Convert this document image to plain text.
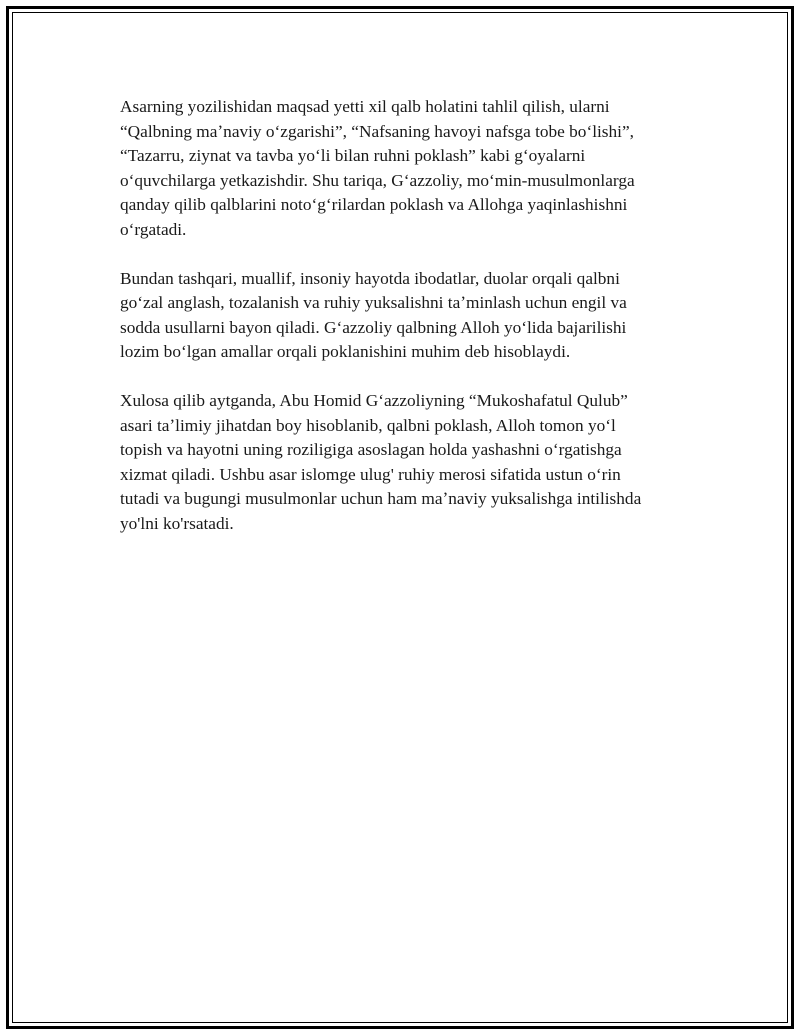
Asarning yozilishidan maqsad yetti xil qalb holatini tahlil qilish, ularni
“Qalbning maʼnaviy oʻzgarishi”, “Nafsaning havoyi nafsga tobe boʻlishi”,
“Tazarru, ziynat va tavba yoʻli bilan ruhni poklash” kabi gʻoyalarni
oʻquvchilarga yetkazishdir. Shu tariqa, Gʻazzoliy, moʻmin-musulmonlarga
qanday qilib qalblarini notoʻgʻrilardan poklash va Allohga yaqinlashishni
oʻrgatadi.

Bundan tashqari, muallif, insoniy hayotda ibodatlar, duolar orqali qalbni
goʻzal anglash, tozalanish va ruhiy yuksalishni taʼminlash uchun engil va
sodda usullarni bayon qiladi. Gʻazzoliy qalbning Alloh yoʻlida bajarilishi
lozim boʻlgan amallar orqali poklanishini muhim deb hisoblaydi.

Xulosa qilib aytganda, Abu Homid Gʻazzoliyning “Mukoshafatul Qulub”
asari taʼlimiy jihatdan boy hisoblanib, qalbni poklash, Alloh tomon yoʻl
topish va hayotni uning roziligiga asoslagan holda yashashni oʻrgatishga
xizmat qiladi. Ushbu asar islomge ulug' ruhiy merosi sifatida ustun oʻrin
tutadi va bugungi musulmonlar uchun ham maʼnaviy yuksalishga intilishda
yo'lni ko'rsatadi.
